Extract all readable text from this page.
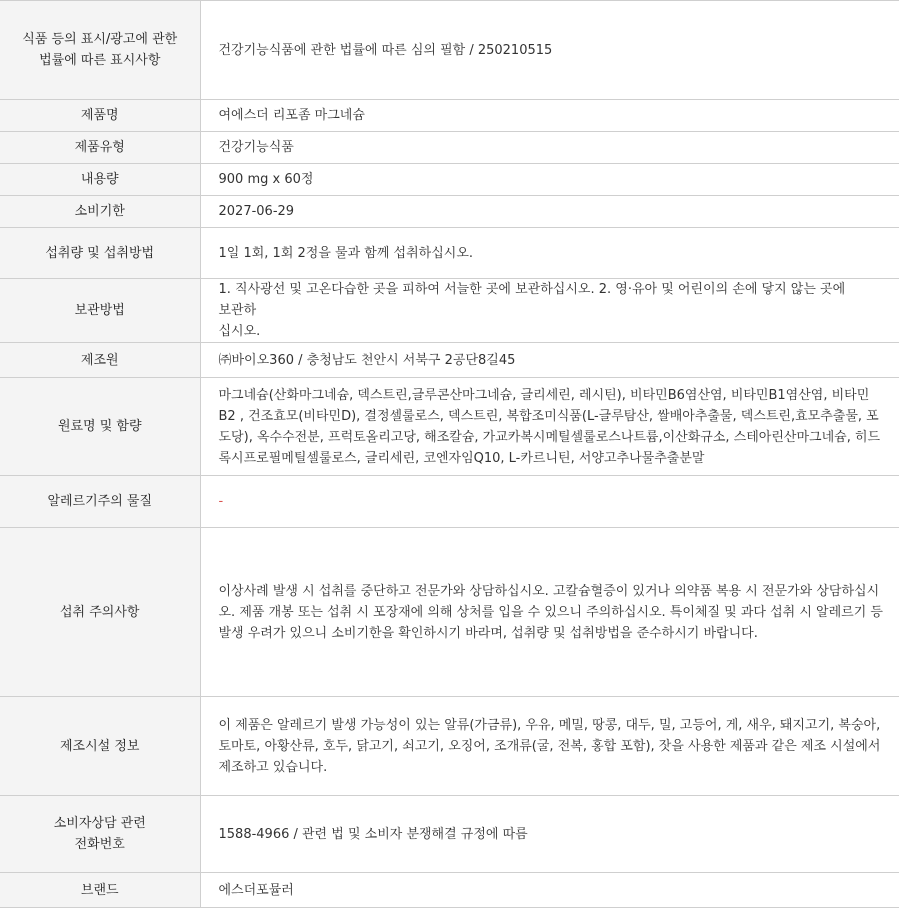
식품 등의 표시/광고에 관한
법률에 따른 표시사항	건강기능식품에 관한 법률에 따른 심의 필함 / 250210515

제품명	여에스더 리포좀 마그네슘

제품유형	건강기능식품

내용량	900 mg x 60정

소비기한	2027-06-29

섭취량 및 섭취방법	1일 1회, 1회 2정을 물과 함께 섭취하십시오.

보관방법	1. 직사광선 및 고온다습한 곳을 피하여 서늘한 곳에 보관하십시오. 2. 영·유아 및 어린이의 손에 닿지 않는 곳에 보관하
십시오.

제조원	㈜바이오360 / 충청남도 천안시 서북구 2공단8길45

원료명 및 함량	마그네슘(산화마그네슘, 덱스트린,글루콘산마그네슘, 글리세린, 레시틴), 비타민B6염산염, 비타민B1염산염, 비타민
B2 , 건조효모(비타민D), 결정셀룰로스, 덱스트린, 복합조미식품(L-글루탐산, 쌀배아추출물, 덱스트린,효모추출물, 포
도당), 옥수수전분, 프럭토올리고당, 해조칼슘, 가교카복시메틸셀룰로스나트륨,이산화규소, 스테아린산마그네슘, 히드
록시프로필메틸셀룰로스, 글리세린, 코엔자임Q10, L-카르니틴, 서양고추나물추출분말

알레르기주의 물질	-

섭취 주의사항	이상사례 발생 시 섭취를 중단하고 전문가와 상담하십시오. 고칼슘혈증이 있거나 의약품 복용 시 전문가와 상담하십시
오. 제품 개봉 또는 섭취 시 포장재에 의해 상처를 입을 수 있으니 주의하십시오. 특이체질 및 과다 섭취 시 알레르기 등
발생 우려가 있으니 소비기한을 확인하시기 바라며, 섭취량 및 섭취방법을 준수하시기 바랍니다.

제조시설 정보	이 제품은 알레르기 발생 가능성이 있는 알류(가금류), 우유, 메밀, 땅콩, 대두, 밀, 고등어, 게, 새우, 돼지고기, 복숭아,
토마토, 아황산류, 호두, 닭고기, 쇠고기, 오징어, 조개류(굴, 전복, 홍합 포함), 잣을 사용한 제품과 같은 제조 시설에서
제조하고 있습니다.

소비자상담 관련
전화번호	1588-4966 / 관련 법 및 소비자 분쟁해결 규정에 따름

브랜드	에스더포뮬러
